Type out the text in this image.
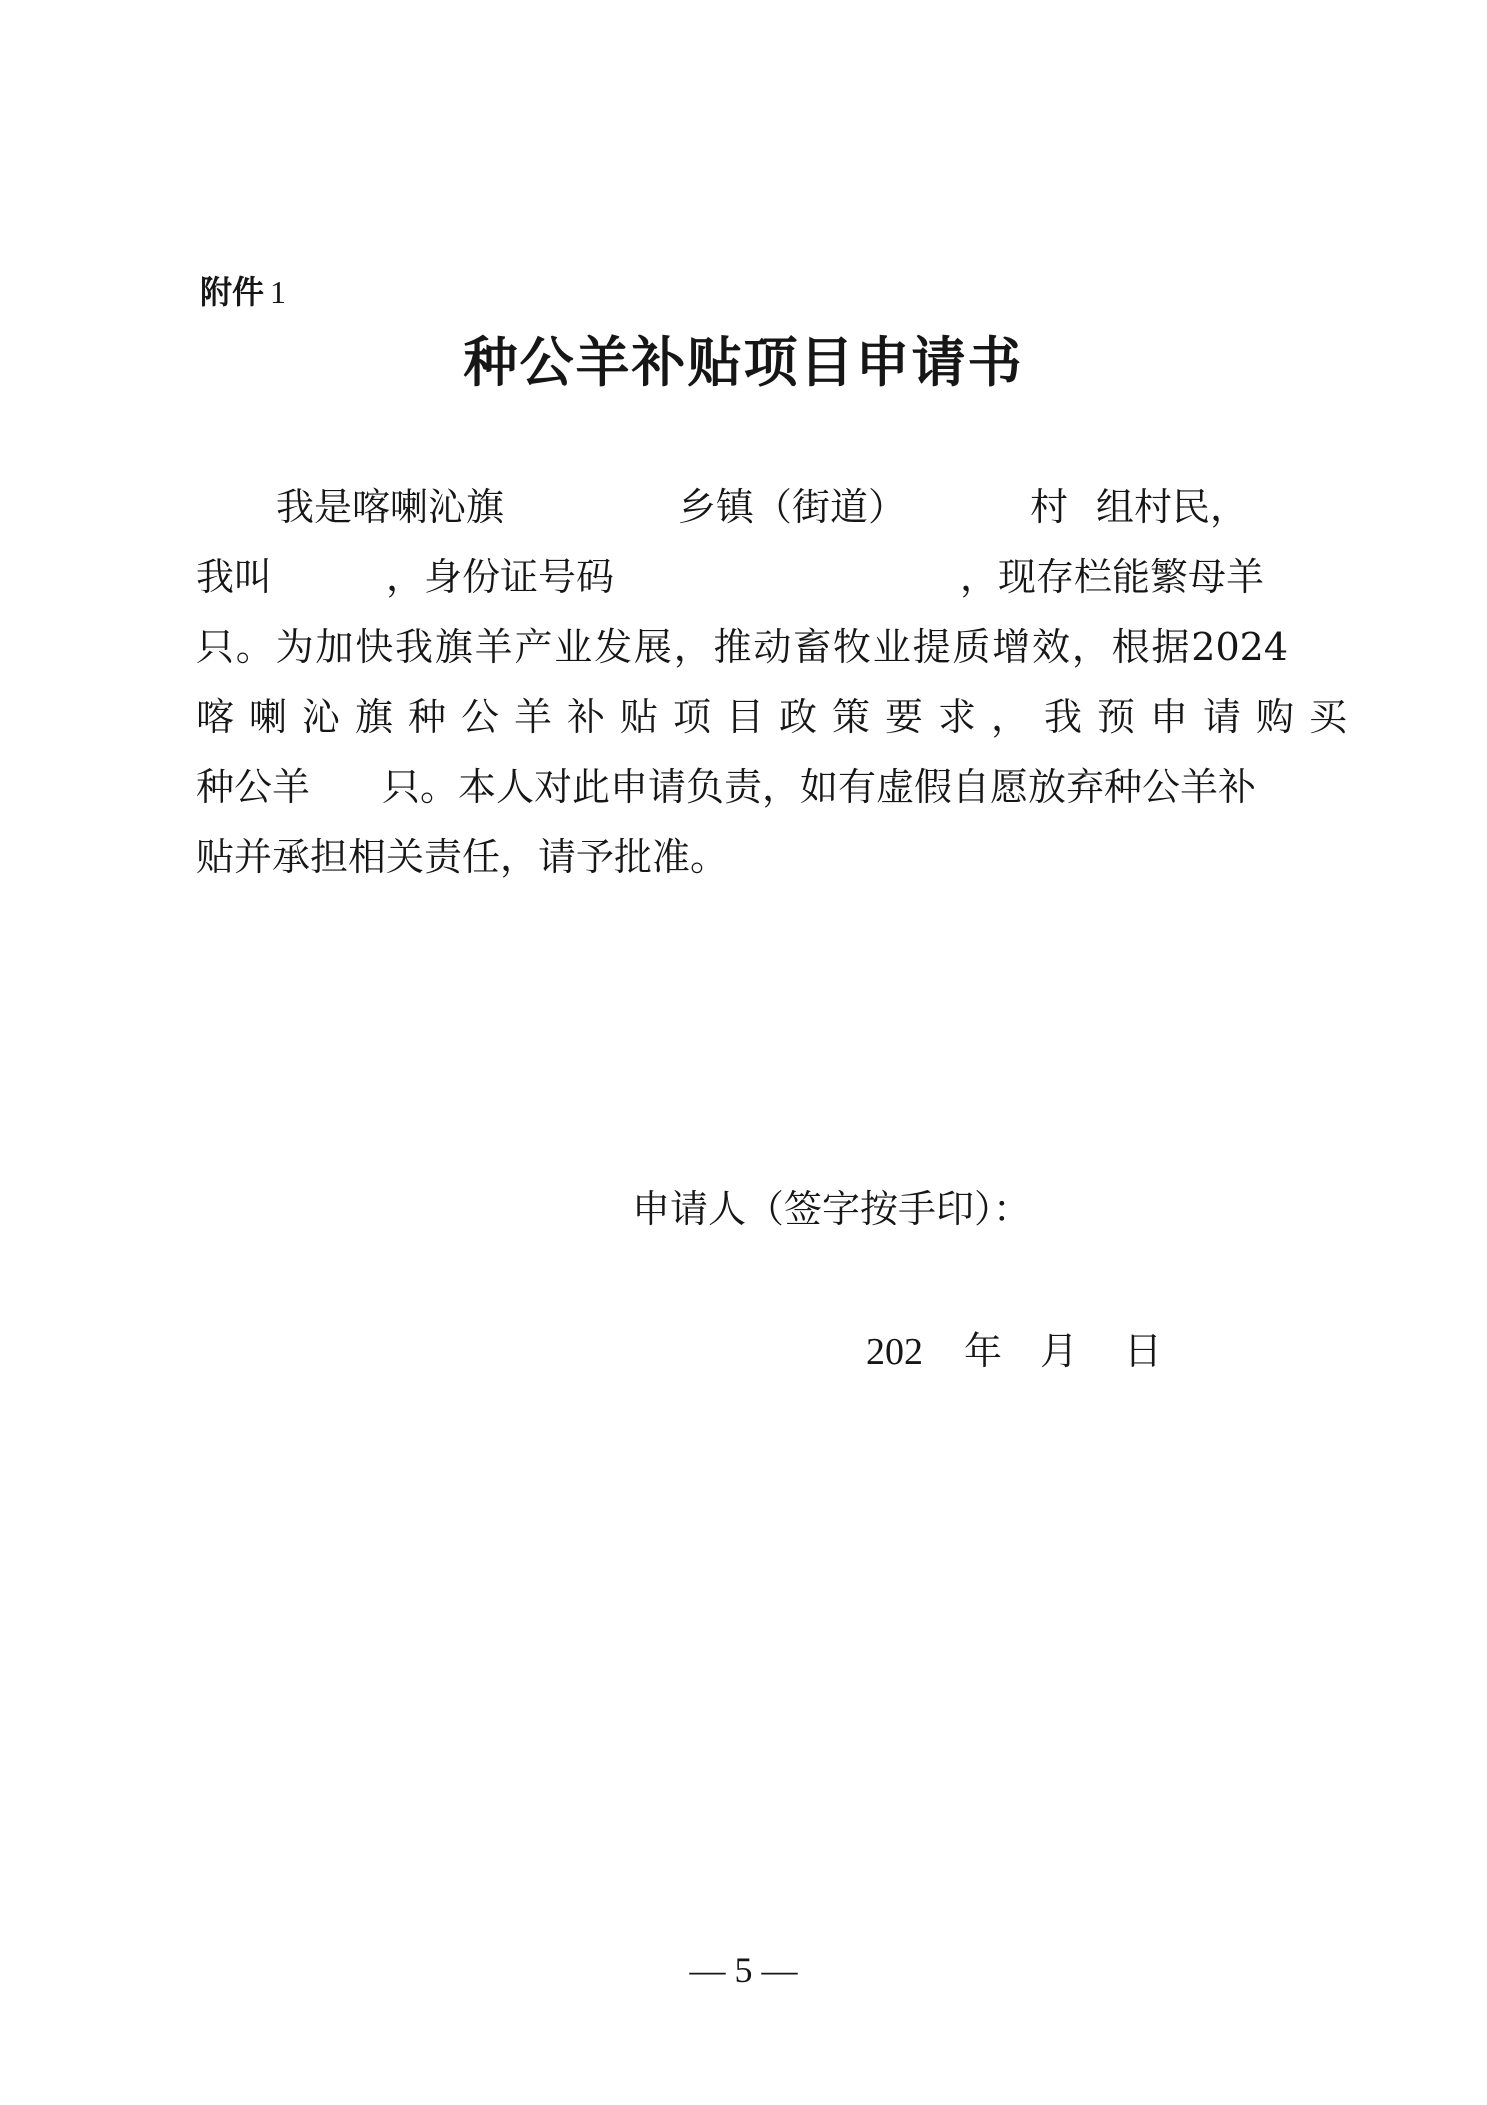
附件 1
种公羊补贴项目申请书
我是喀喇沁旗	乡镇（街道）	村 组村民，
我叫	，身份证号码	，现存栏能繁母羊
只。为加快我旗羊产业发展，推动畜牧业提质增效，根据2024
喀喇沁旗种公羊补贴项目政策要求，我预申请购买
种公羊 只。本人对此申请负责，如有虚假自愿放弃种公羊补
贴并承担相关责任，请予批准。
申请人（签字按手印）：
202 年 月 日
— 5 —
